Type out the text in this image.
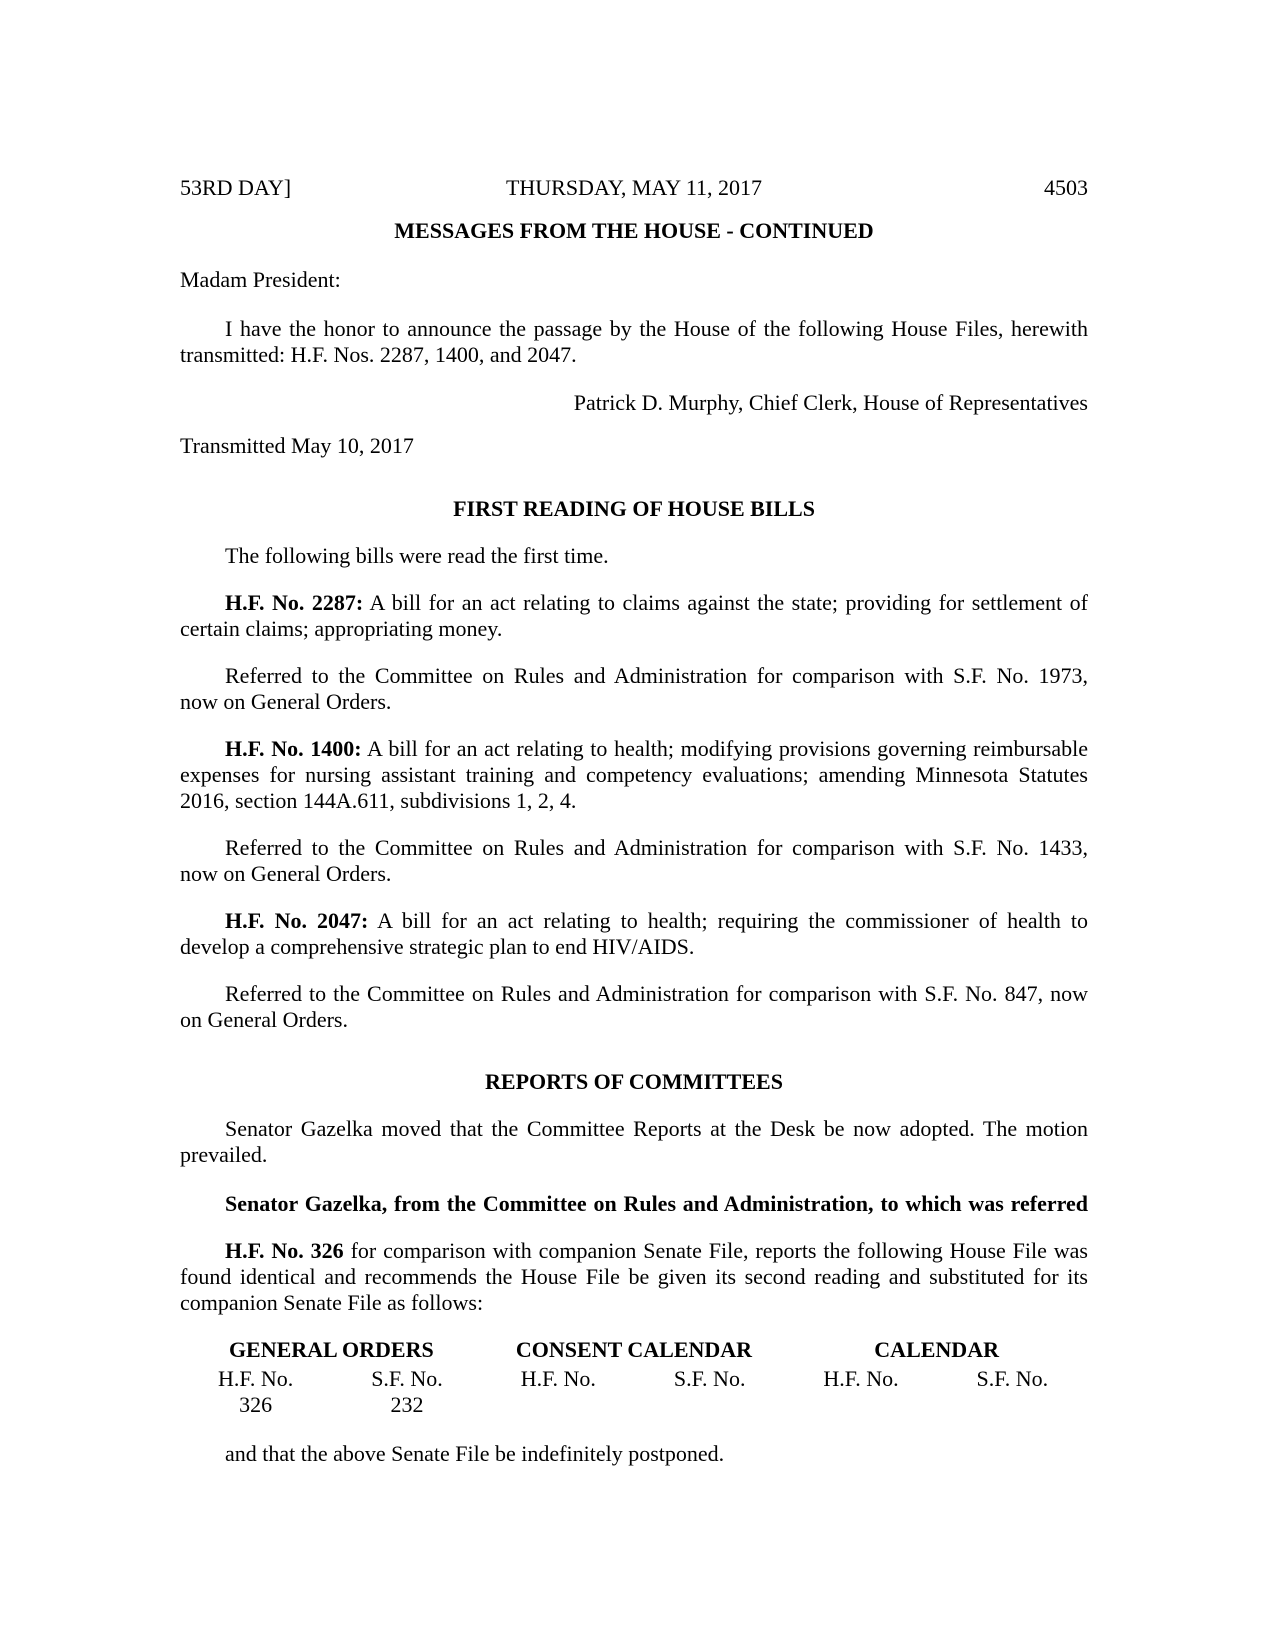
53RD DAY]	THURSDAY, MAY 11, 2017	4503
MESSAGES FROM THE HOUSE - CONTINUED

Madam President:

I have the honor to announce the passage by the House of the following House Files, herewith
transmitted: H.F. Nos. 2287, 1400, and 2047.

Patrick D. Murphy, Chief Clerk, House of Representatives

Transmitted May 10, 2017

FIRST READING OF HOUSE BILLS

The following bills were read the first time.

H.F. No. 2287: A bill for an act relating to claims against the state; providing for settlement of
certain claims; appropriating money.
Referred to the Committee on Rules and Administration for comparison with S.F. No. 1973,
now on General Orders.
H.F. No. 1400: A bill for an act relating to health; modifying provisions governing reimbursable
expenses for nursing assistant training and competency evaluations; amending Minnesota Statutes
2016, section 144A.611, subdivisions 1, 2, 4.
Referred to the Committee on Rules and Administration for comparison with S.F. No. 1433,
now on General Orders.
H.F. No. 2047: A bill for an act relating to health; requiring the commissioner of health to
develop a comprehensive strategic plan to end HIV/AIDS.
Referred to the Committee on Rules and Administration for comparison with S.F. No. 847, now
on General Orders.
REPORTS OF COMMITTEES
Senator Gazelka moved that the Committee Reports at the Desk be now adopted. The motion
prevailed.

Senator Gazelka, from the Committee on Rules and Administration, to which was referred

H.F. No. 326 for comparison with companion Senate File, reports the following House File was
found identical and recommends the House File be given its second reading and substituted for its
companion Senate File as follows:
GENERAL ORDERS
H.F. No.	S.F. No.
326	232
CONSENT CALENDAR
H.F. No.	S.F. No.
CALENDAR
H.F. No.	S.F. No.

and that the above Senate File be indefinitely postponed.
